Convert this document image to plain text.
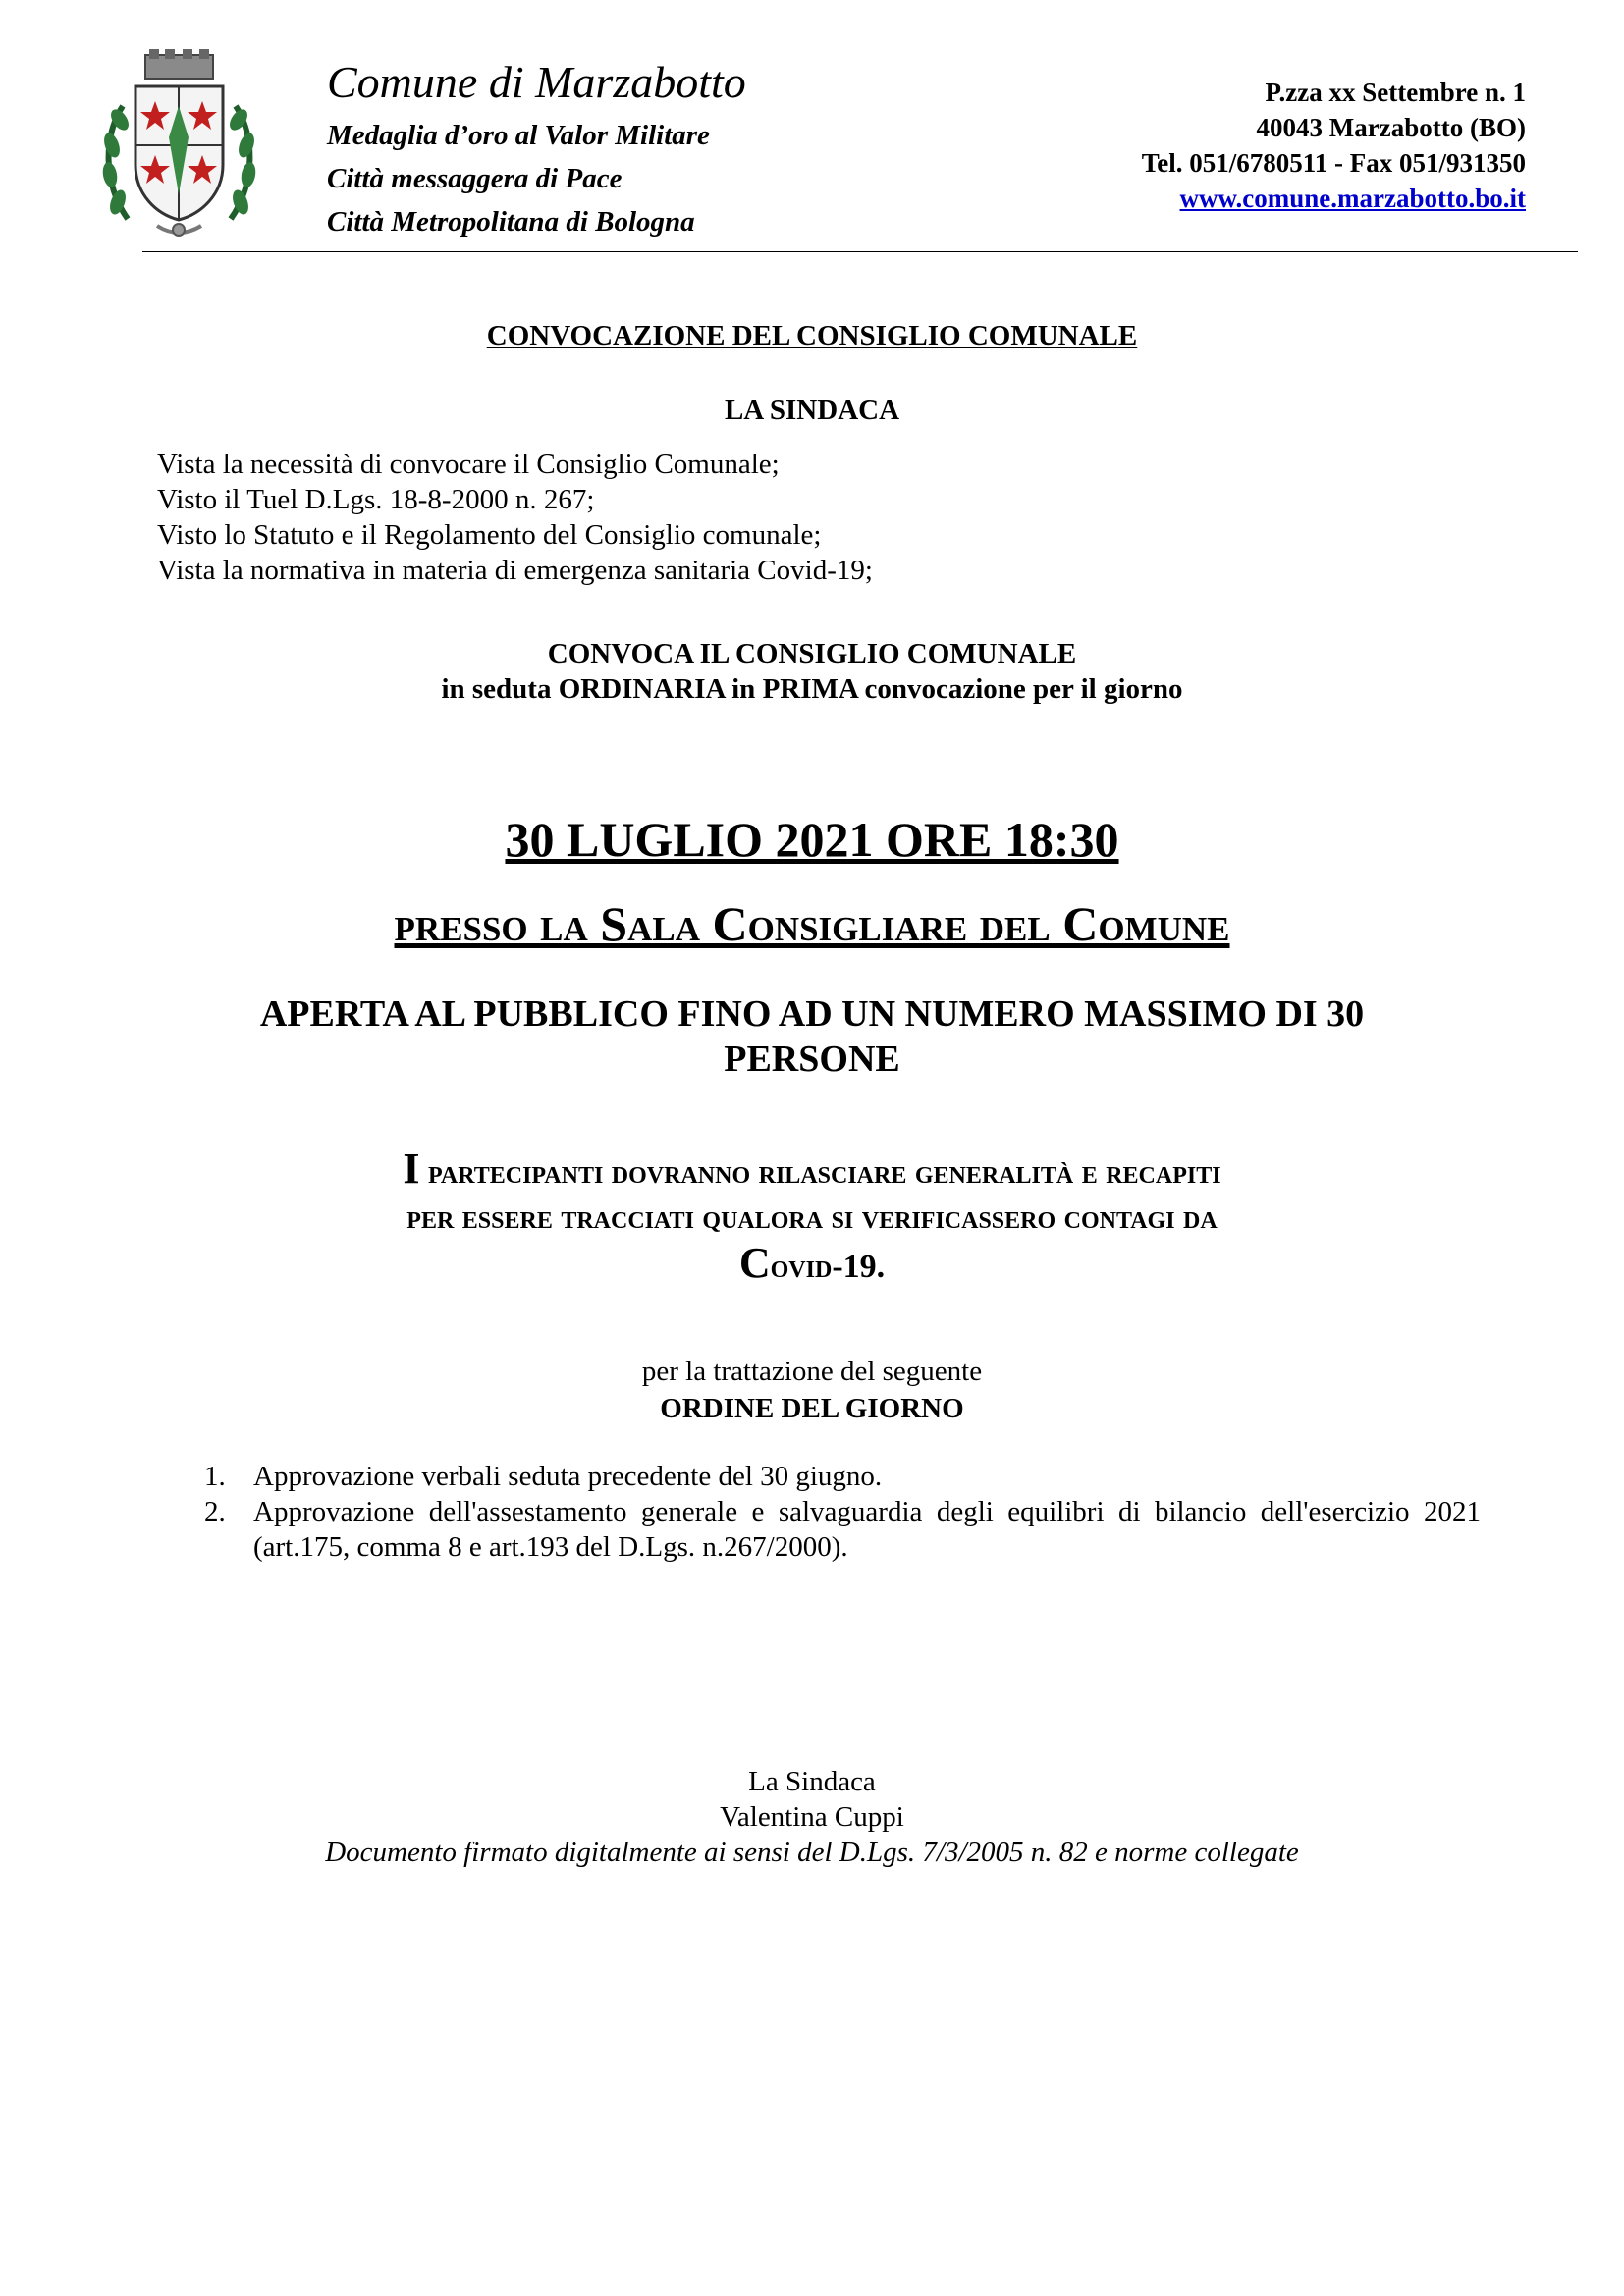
Comune di Marzabotto
Medaglia d’oro al Valor Militare
Città messaggera di Pace
Città Metropolitana di Bologna
P.zza xx Settembre n. 1
40043 Marzabotto (BO)
Tel. 051/6780511 - Fax 051/931350
www.comune.marzabotto.bo.it
CONVOCAZIONE DEL CONSIGLIO COMUNALE
LA SINDACA
Vista la necessità di convocare il Consiglio Comunale;
Visto il Tuel D.Lgs. 18-8-2000 n. 267;
Visto lo Statuto e il Regolamento del Consiglio comunale;
Vista la normativa in materia di emergenza sanitaria Covid-19;
CONVOCA IL CONSIGLIO COMUNALE
in seduta ORDINARIA in PRIMA convocazione per il giorno
30 LUGLIO 2021 ORE 18:30
presso la Sala Consigliare del Comune
APERTA AL PUBBLICO FINO AD UN NUMERO MASSIMO DI 30
PERSONE
I partecipanti dovranno rilasciare generalità e recapiti
per essere tracciati qualora si verificassero contagi da
Covid-19.
per la trattazione del seguente
ORDINE DEL GIORNO
1. Approvazione verbali seduta precedente del 30 giugno.
2. Approvazione dell'assestamento generale e salvaguardia degli equilibri di bilancio dell'esercizio 2021 (art.175, comma 8 e art.193 del D.Lgs. n.267/2000).
La Sindaca
Valentina Cuppi
Documento firmato digitalmente ai sensi del D.Lgs. 7/3/2005 n. 82 e norme collegate
